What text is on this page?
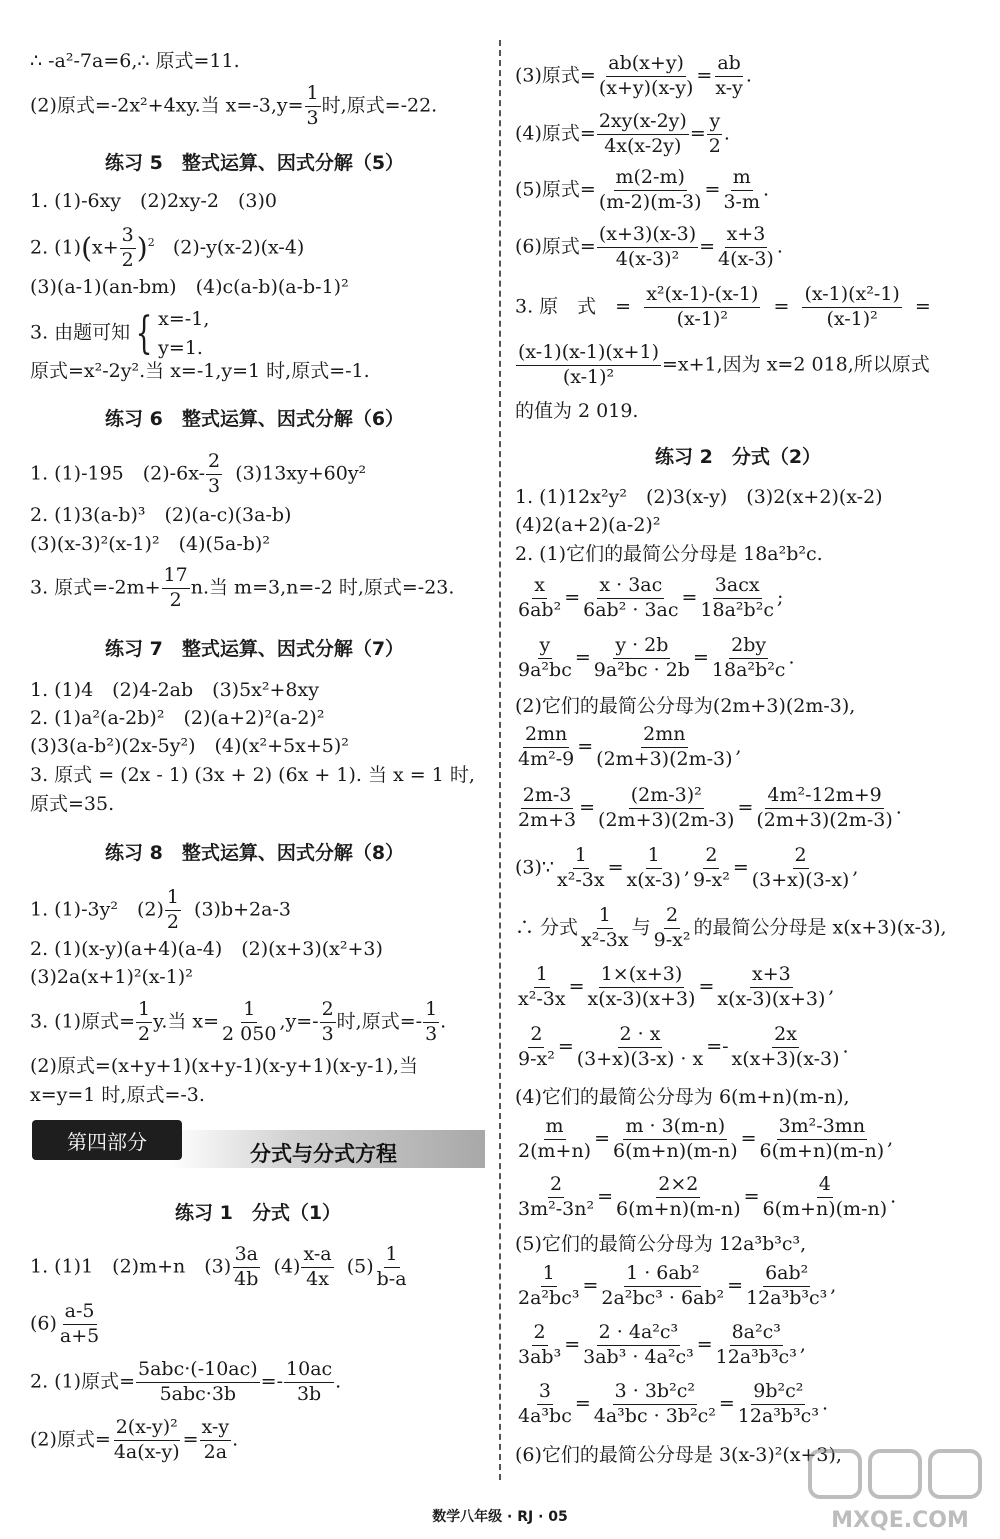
∴ -a²-7a=6,∴ 原式=11.
(2)原式=-2x²+4xy.当 $x=-3,y= \frac{1}{3}$ 时,原式=-22.
练习 5　整式运算、因式分解（5）
1. (1)-6xy　(2)2xy-2　(3)0
2. $(1)(x+ \frac{3}{2} )^2$ (2)-y(x-2)(x-4)
(3)(a-1)(an-bm)　(4)c(a-b)(a-b-1)²
3. 由题可知 { x=-1,
y=1.
原式=x²-2y².当 x=-1,y=1 时,原式=-1.
练习 6　整式运算、因式分解（6）
1. (1)-195　$(2)-6x- \frac{2}{3} (3)13xy+60y^2$
2. (1)3(a-b)³　(2)(a-c)(3a-b)
(3)(x-3)²(x-1)²　(4)(5a-b)²
3. 原式$=-2m+ \frac{17}{2} n$.当 m=3,n=-2 时,原式=-23.
练习 7　整式运算、因式分解（7）
1. (1)4　(2)4-2ab　(3)5x²+8xy
2. (1)a²(a-2b)²　(2)(a+2)²(a-2)²
(3)3(a-b²)(2x-5y²)　(4)(x²+5x+5)²
3. 原式 = (2x - 1) (3x + 2) (6x + 1). 当 x = 1 时,
原式=35.
练习 8　整式运算、因式分解（8）
1. (1)-3y²　$(2) \frac{1}{2} (3)b+2a-3$
2. (1)(x-y)(a+4)(a-4)　(2)(x+3)(x²+3)
(3)2a(x+1)²(x-1)²
3. (1)原式= $\frac{1}{2} y$.当 $x= \frac{1}{2 050} ,y=- \frac{2}{3}$ 时,原式=- $\frac{1}{3}$ .
(2)原式=(x+y+1)(x+y-1)(x-y+1)(x-y-1),当
x=y=1 时,原式=-3.
第四部分
分式与分式方程
练习 1　分式（1）
1. (1)1　(2)m+n　$(3) \frac{3a}{4b} (4) \frac{x-a}{4x} (5) \frac{1}{b-a}$
$(6) \frac{a-5}{a+5}$
2. (1)原式= $\frac{\text{5abc·(-10ac)}}{\text{5abc·3b}} =- \frac{10ac}{3b}$ .
(2)原式= $\frac{\text{2(x-y)²}}{4a(x-y)} = \frac{x-y}{2a}$ .
(3)原式= $\frac{ab(x+y)}{(x+y)(x-y)} = \frac{ab}{x-y}$ .
(4)原式= $\frac{2xy(x-2y)}{4x(x-2y)} = \frac{y}{2}$ .
(5)原式= $\frac{m(2-m)}{(m-2)(m-3)} = \frac{m}{3-m}$ .
(6)原式= $\frac{(x+3)(x-3)}{\text{4(x-3)²}} = \frac{x+3}{4(x-3)}$ .
3. 原　式　= $\frac{\text{x²(x-1)-(x-1)}}{\text{(x-1)²}} = \frac{\text{(x-1)(x²-1)}}{\text{(x-1)²}}$ =
$\frac{(x-1)(x-1)(x+1)}{\text{(x-1)²}} =x+1$,因为 x=2 018,所以原式
的值为 2 019.
练习 2　分式（2）
1. (1)12x²y²　(2)3(x-y)　(3)2(x+2)(x-2)
(4)2(a+2)(a-2)²
2. (1)它们的最简公分母是 18a²b²c.
$\frac{x}{\text{6ab²}} = \frac{x \cdot 3ac}{\text{6ab² · 3ac}} = \frac{\text{3acx}}{\text{18a²b²c}}$ ;
$\frac{y}{\text{9a²bc}} = \frac{y \cdot 2b}{\text{9a²bc · 2b}} = \frac{2by}{\text{18a²b²c}}$ .
(2)它们的最简公分母为(2m+3)(2m-3),
$\frac{2mn}{\text{4m²-9}} = \frac{2mn}{(2m+3)(2m-3)}$ ,
$\frac{2m-3}{2m+3} = \frac{\text{(2m-3)²}}{(2m+3)(2m-3)} = \frac{\text{4m²-12m+9}}{(2m+3)(2m-3)}$ .
(3)∵ $\frac{1}{\text{x²-3x}} = \frac{1}{x(x-3)}$ , $\frac{2}{\text{9-x²}} = \frac{2}{(3+x)(3-x)}$ ,
∴ 分式 $\frac{1}{\text{x²-3x}}$ 与 $\frac{2}{\text{9-x²}}$ 的最简公分母是 x(x+3)(x-3),
$\frac{1}{\text{x²-3x}} = \frac{1\times(x+3)}{x(x-3)(x+3)} = \frac{x+3}{x(x-3)(x+3)}$ ,
$\frac{2}{\text{9-x²}} = \frac{2 \cdot x}{(3+x)(3-x) \cdot x} =- \frac{2x}{x(x+3)(x-3)}$ .
(4)它们的最简公分母为 6(m+n)(m-n),
$\frac{m}{2(m+n)} = \frac{m \cdot 3(m-n)}{6(m+n)(m-n)} = \frac{\text{3m²-3mn}}{6(m+n)(m-n)}$ ,
$\frac{2}{\text{3m²-3n²}} = \frac{2\times 2}{6(m+n)(m-n)} = \frac{4}{6(m+n)(m-n)}$ .
(5)它们的最简公分母为 12a³b³c³,
$\frac{1}{\text{2a²bc³}} = \frac{\text{1 · 6ab²}}{\text{2a²bc³ · 6ab²}} = \frac{\text{6ab²}}{\text{12a³b³c³}}$ ,
$\frac{2}{\text{3ab³}} = \frac{\text{2 · 4a²c³}}{\text{3ab³ · 4a²c³}} = \frac{\text{8a²c³}}{\text{12a³b³c³}}$ ,
$\frac{3}{\text{4a³bc}} = \frac{\text{3 · 3b²c²}}{\text{4a³bc · 3b²c²}} = \frac{\text{9b²c²}}{\text{12a³b³c³}}$ .
(6)它们的最简公分母是 3(x-3)²(x+3),
MXQE.COM
数学八年级 · RJ · 05
